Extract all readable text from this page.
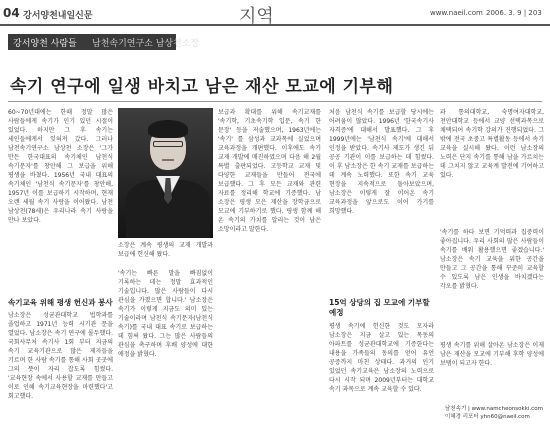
04 강서양천내일신문	지역	www.naeil.com 2006. 3. 9 | 203
강서양천 사람들 남천속기연구소 남상천소장
속기 연구에 일생 바치고 남은 재산 모교에 기부해

60~70년대에는 한때 정말 많은 사람들에게 속기가 인기 있던 시절이 있었다. 하지만 그 후 속기는 세인들에게서 잊혀져 갔다. 그러나 남천속기연구소 남상천 소장은 '그가 만든 한국대표의 속기체인 남천식 속기문자'를 창안해 그 보급을 위해 평생을 바쳤다. 1956년 국내 대표의 속기체인 '남천식 속기문자'를 창안해, 1957년 이를 보급하기 시작하며, 현재 오랜 세월 속기 사랑을 이어왔다. 남천 남상천(78세)은 우리나라 속기 사랑을 만나 보았다.

속기교육 위해 평생 헌신과 봉사

남소장은 성균관대학교 법학과를 졸업하고 1971년 능력 시기관 문을 열었다. 남소장은 속기 연구에 몰두했다. 국회사무처 속기사 1회 부터 지금의 속기 교육기관으로 많은 제자들을 기르며 한 사람 속기를 통해 사회 곳곳에 그의 뜻이 자리 잡도록 힘썼다. '교육현장 속에서 사용할 교재를 만들고 이로 인해 속기교육현장을 마련했다'고 회고했다.

소장은 계속 평생의 교재 개발과 보급에 헌신해 왔다.

'속기는 빠른 말을 빠짐없이 기록하는 데는 정말 효과적인 기술입니다. 많은 사람들이 다시 관심을 가졌으면 합니다.' 남소장은 속기가 이렇게 지금도 의미 있는 기술이라며 남천식 속기문자(남천식 속기)를 국내 대표 속기로 보급하는 데 힘써 왔다. 그는 많은 사람들의 관심을 촉구하며 후배 양성에 대한 애정을 밝혔다.

보급과 확대를 위해 속기교재를 '속기학, 기초속기학 입문, 속기 한 문장' 등을 저술했으며, 1963년에는 '속기' 를 삼성과 교과목에 실었으며 교육과정을 개편했다. 이후에도 속기 교재 개발에 매진하였으며 다음 해 2월 특별 출판되었다. 고등학교 교재 및 다양한 교재들을 만들어 전국에 보급했다. 그 후 모든 교재와 관련 자료를 정리해 학교에 기증했다. 남 소장은 평생 모은 재산을 장학금으로 모교에 기부하기로 했다. 평생 함께 해 온 속기의 가치를 알리는 것이 남은 소망이라고 말한다.

처음 남천식 속기를 보급할 당시에는 어려움이 많았다. 1996년 '한국속기사 자격증'에 대해서 발표했다. 그 후 1999년에는 '남천식 속기'에 대해서 인정을 받았다. 속기사 제도가 생긴 뒤 공공 기관이 이를 보급하는 데 힘썼다. 이 후 남소장은 한 속기 교재를 보급하는 데 계속 노력했다. 또한 속기 교육 현장을 지속적으로 돌아보았으며, 남소장은 이렇게 잘 이어온 속기 교육과정을 앞으로도 이어 가기를 희망했다.

15억 상당의 집 모교에 기부할 예정

평생 속기에 헌신한 것도 모자라 남소장은 지금 살고 있는 목동의 아파트를 성균관대학교에 기증한다는 내용을 가족들의 동의를 얻어 유언 공증까지 마친 상태다. 과거의 인기 있었던 속기교육은 남소장의 노력으로 다시 시작 되며 2009년부터는 대학교 속기 과목으로 계속 교육할 수 있다.

과 통의대학교, 숙명여자대학교, 천안대학교 등에서 교양 선택과목으로 채택되어 속기학 강의가 진행되었다. 그 밖에 전국 초중고 특별활동 등에서 속기 교육을 실시해 왔다. 이런 남소장의 노력은 단지 속기를 통해 남을 가르치는 데 그치지 않고 교육계 발전에 기여하고 있다.

'속기를 하다 보면 기억력과 집중력이 좋아집니다. 우리 사회의 많은 사람들이 속기를 배워 활용했으면 좋겠습니다.' 남소장은 속기 교육을 위한 공간을 만들고 그 공간을 통해 꾸준히 교육할 수 있도록 남은 인생을 바치겠다는 각오를 밝혔다.

평생 속기를 위해 살아온 남소장은 이제 남은 재산을 모교에 기부해 후학 양성에 보탬이 되고자 한다.

남천속기 | www.namcheonsokki.com
이혜경 리포터 yhn60@naeil.com
